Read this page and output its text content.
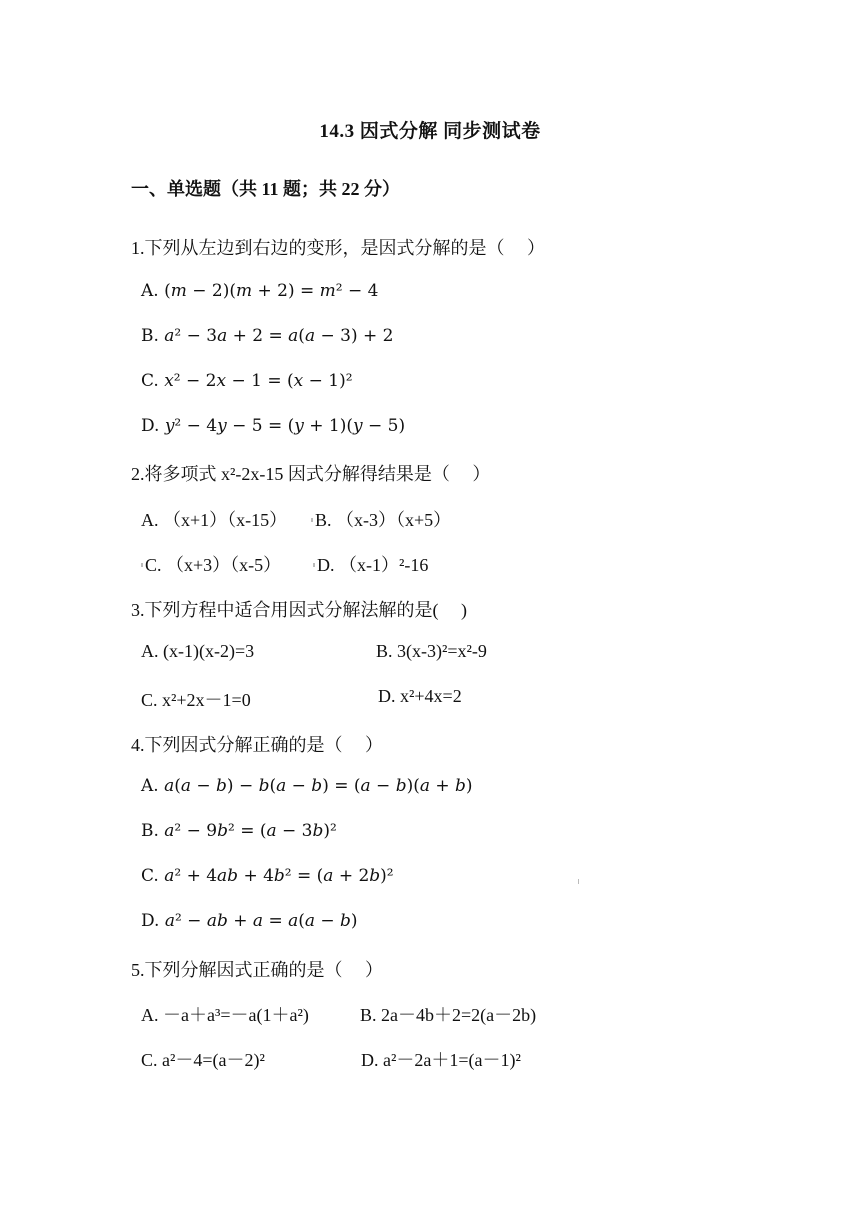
14.3 因式分解 同步测试卷
一、单选题（共 11 题；共 22 分）
1.下列从左边到右边的变形，是因式分解的是（     ）
A. (𝑚 − 2)(𝑚 + 2) = 𝑚² − 4
B. 𝑎² − 3𝑎 + 2 = 𝑎(𝑎 − 3) + 2
C. 𝑥² − 2𝑥 − 1 = (𝑥 − 1)²
D. 𝑦² − 4𝑦 − 5 = (𝑦 + 1)(𝑦 − 5)
2.将多项式 x²-2x-15 因式分解得结果是（     ）
A. （x+1）（x-15） B. （x-3）（x+5）
C. （x+3）（x-5） D. （x-1）²-16
3.下列方程中适合用因式分解法解的是(     )
A. (x-1)(x-2)=3	B. 3(x-3)²=x²-9
C. x²+2x－1=0	D. x²+4x=2
4.下列因式分解正确的是（     ）
A. 𝑎(𝑎 − 𝑏) − 𝑏(𝑎 − 𝑏) = (𝑎 − 𝑏)(𝑎 + 𝑏)
B. 𝑎² − 9𝑏² = (𝑎 − 3𝑏)²
C. 𝑎² + 4𝑎𝑏 + 4𝑏² = (𝑎 + 2𝑏)²
D. 𝑎² − 𝑎𝑏 + 𝑎 = 𝑎(𝑎 − 𝑏)
5.下列分解因式正确的是（     ）
A. －a＋a³=－a(1＋a²)	B. 2a－4b＋2=2(a－2b)
C. a²－4=(a－2)²	D. a²－2a＋1=(a－1)²
